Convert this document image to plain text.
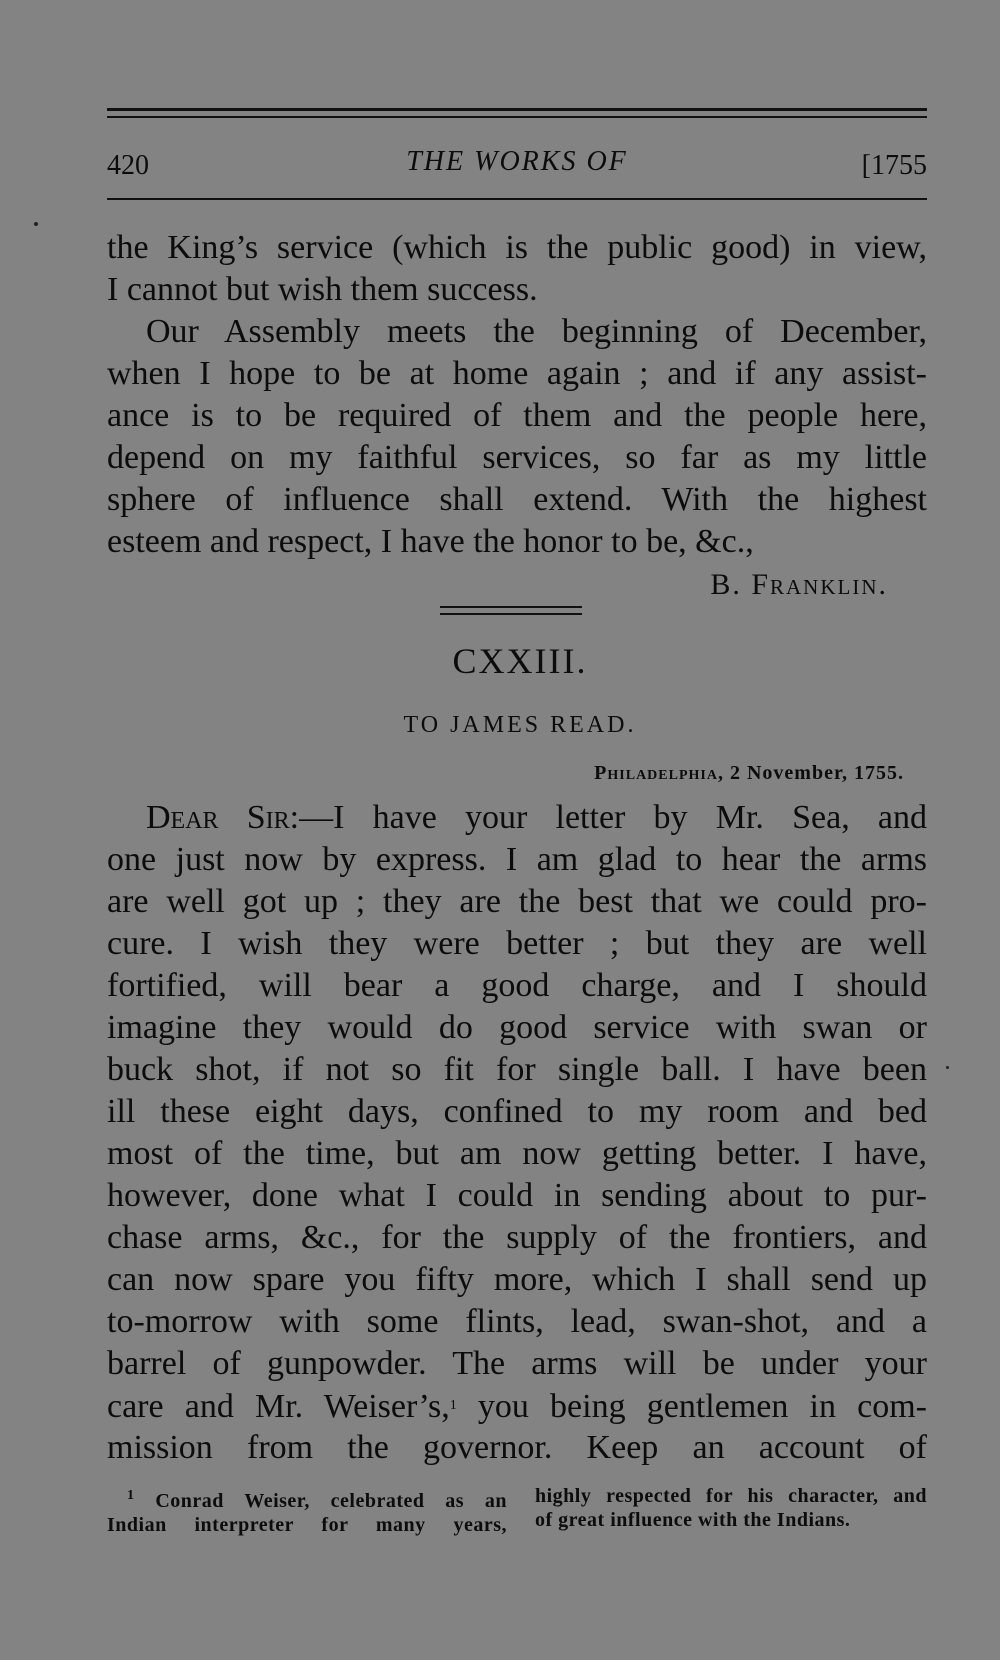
420	THE WORKS OF	[1755
the King’s service (which is the public good) in view,
I cannot but wish them success.
Our Assembly meets the beginning of December,
when I hope to be at home again ; and if any assist-
ance is to be required of them and the people here,
depend on my faithful services, so far as my little
sphere of influence shall extend. With the highest
esteem and respect, I have the honor to be, &c.,
B. Franklin.
CXXIII.
TO JAMES READ.
Philadelphia, 2 November, 1755.
Dear Sir:—I have your letter by Mr. Sea, and
one just now by express. I am glad to hear the arms
are well got up ; they are the best that we could pro-
cure. I wish they were better ; but they are well
fortified, will bear a good charge, and I should
imagine they would do good service with swan or
buck shot, if not so fit for single ball. I have been
ill these eight days, confined to my room and bed
most of the time, but am now getting better. I have,
however, done what I could in sending about to pur-
chase arms, &c., for the supply of the frontiers, and
can now spare you fifty more, which I shall send up
to-morrow with some flints, lead, swan-shot, and a
barrel of gunpowder. The arms will be under your
care and Mr. Weiser’s,$^1$ you being gentlemen in com-
mission from the governor. Keep an account of
$^1$ Conrad Weiser, celebrated as an
Indian interpreter for many years,
highly respected for his character, and
of great influence with the Indians.
